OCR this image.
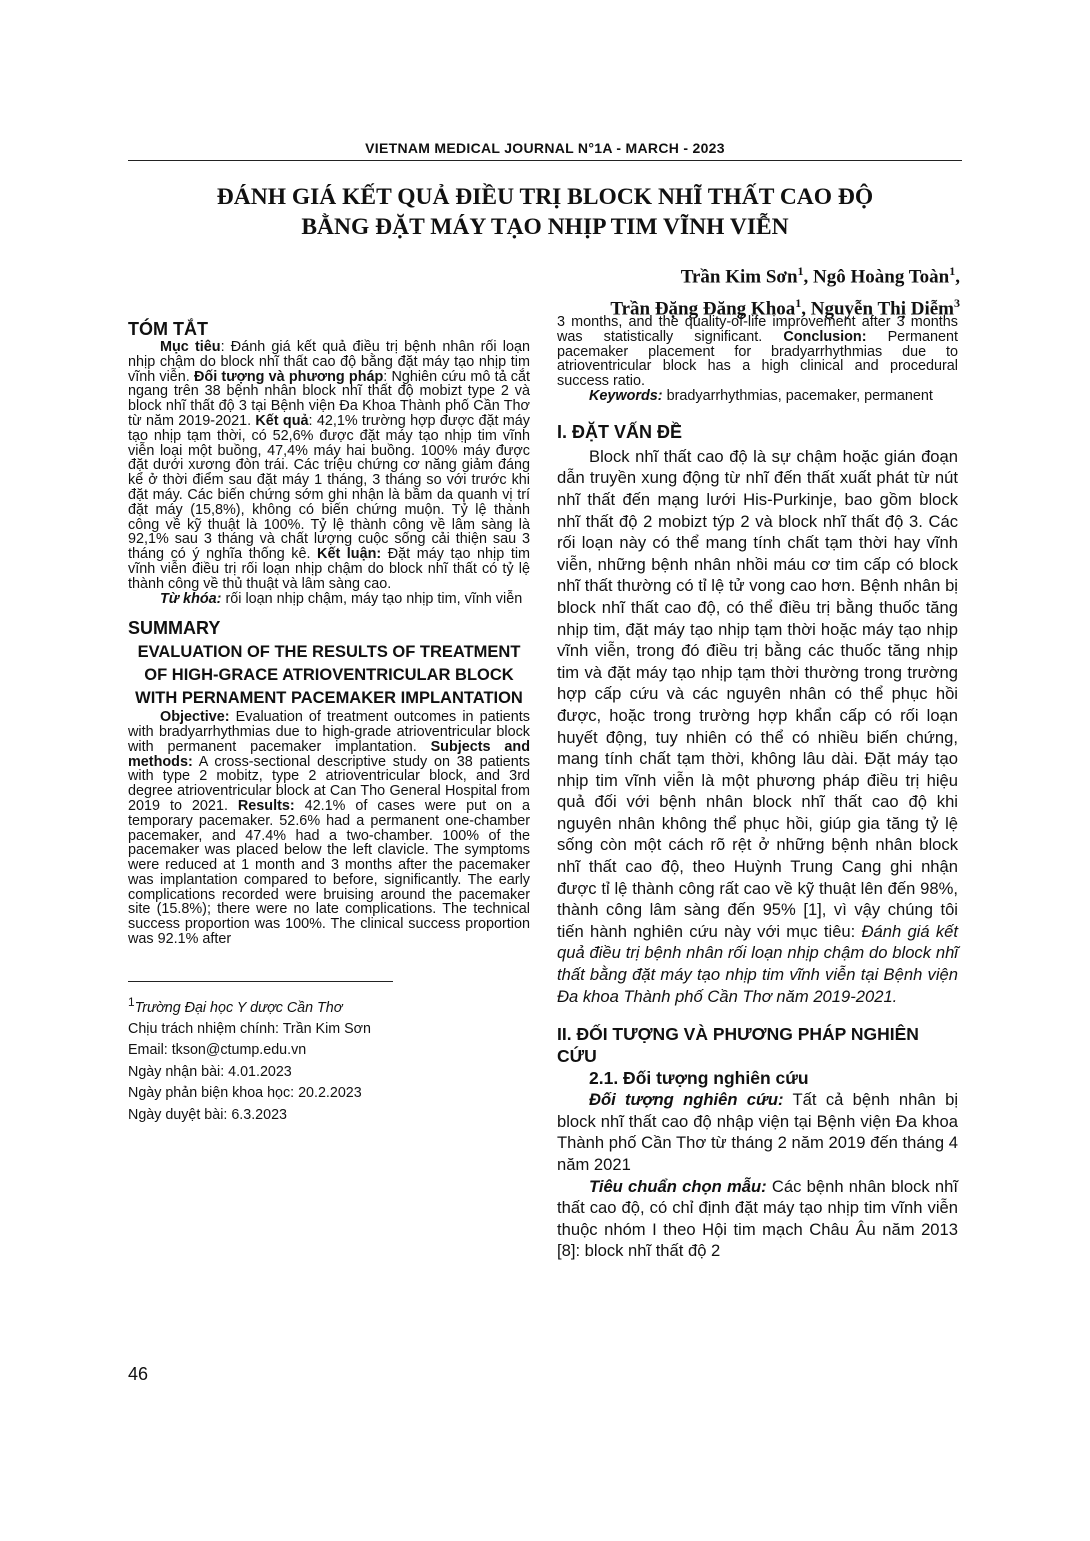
VIETNAM MEDICAL JOURNAL N°1A - MARCH - 2023
ĐÁNH GIÁ KẾT QUẢ ĐIỀU TRỊ BLOCK NHĨ THẤT CAO ĐỘ
BẰNG ĐẶT MÁY TẠO NHỊP TIM VĨNH VIỄN
Trần Kim Sơn$^1$, Ngô Hoàng Toàn$^1$,
Trần Đặng Đăng Khoa$^1$, Nguyễn Thị Diễm$^3$
TÓM TẮT

Mục tiêu: Đánh giá kết quả điều trị bệnh nhân rối loạn nhịp chậm do block nhĩ thất cao độ bằng đặt máy tạo nhịp tim vĩnh viễn. Đối tượng và phương pháp: Nghiên cứu mô tả cắt ngang trên 38 bệnh nhân block nhĩ thất độ mobizt type 2 và block nhĩ thất độ 3 tại Bệnh viện Đa Khoa Thành phố Cần Thơ từ năm 2019-2021. Kết quả: 42,1% trường hợp được đặt máy tạo nhịp tạm thời, có 52,6% được đặt máy tạo nhịp tim vĩnh viễn loại một buồng, 47,4% máy hai buồng. 100% máy được đặt dưới xương đòn trái. Các triệu chứng cơ năng giảm đáng kể ở thời điểm sau đặt máy 1 tháng, 3 tháng so với trước khi đặt máy. Các biến chứng sớm ghi nhận là bầm da quanh vị trí đặt máy (15,8%), không có biến chứng muộn. Tỷ lệ thành công về kỹ thuật là 100%. Tỷ lệ thành công về lâm sàng là 92,1% sau 3 tháng và chất lượng cuộc sống cải thiện sau 3 tháng có ý nghĩa thống kê. Kết luận: Đặt máy tạo nhịp tim vĩnh viễn điều trị rối loạn nhịp chậm do block nhĩ thất có tỷ lệ thành công về thủ thuật và lâm sàng cao.

Từ khóa: rối loạn nhịp chậm, máy tạo nhịp tim, vĩnh viễn

SUMMARY
EVALUATION OF THE RESULTS OF TREATMENT OF HIGH-GRACE ATRIOVENTRICULAR BLOCK WITH PERNAMENT PACEMAKER IMPLANTATION

Objective: Evaluation of treatment outcomes in patients with bradyarrhythmias due to high-grade atrioventricular block with permanent pacemaker implantation. Subjects and methods: A cross-sectional descriptive study on 38 patients with type 2 mobitz, type 2 atrioventricular block, and 3rd degree atrioventricular block at Can Tho General Hospital from 2019 to 2021. Results: 42.1% of cases were put on a temporary pacemaker. 52.6% had a permanent one-chamber pacemaker, and 47.4% had a two-chamber. 100% of the pacemaker was placed below the left clavicle. The symptoms were reduced at 1 month and 3 months after the pacemaker was implantation compared to before, significantly. The early complications recorded were bruising around the pacemaker site (15.8%); there were no late complications. The technical success proportion was 100%. The clinical success proportion was 92.1% after

$^1$Trường Đại học Y dược Cần Thơ
Chịu trách nhiệm chính: Trần Kim Sơn
Email: tkson@ctump.edu.vn
Ngày nhận bài: 4.01.2023
Ngày phản biện khoa học: 20.2.2023
Ngày duyệt bài: 6.3.2023

3 months, and the quality-of-life improvement after 3 months was statistically significant. Conclusion: Permanent pacemaker placement for bradyarrhythmias due to atrioventricular block has a high clinical and procedural success ratio.

Keywords: bradyarrhythmias, pacemaker, permanent

I. ĐẶT VẤN ĐỀ

Block nhĩ thất cao độ là sự chậm hoặc gián đoạn dẫn truyền xung động từ nhĩ đến thất xuất phát từ nút nhĩ thất đến mạng lưới His-Purkinje, bao gồm block nhĩ thất độ 2 mobizt týp 2 và block nhĩ thất độ 3. Các rối loạn này có thể mang tính chất tạm thời hay vĩnh viễn, những bệnh nhân nhồi máu cơ tim cấp có block nhĩ thất thường có tỉ lệ tử vong cao hơn. Bệnh nhân bị block nhĩ thất cao độ, có thể điều trị bằng thuốc tăng nhịp tim, đặt máy tạo nhịp tạm thời hoặc máy tạo nhịp vĩnh viễn, trong đó điều trị bằng các thuốc tăng nhịp tim và đặt máy tạo nhịp tạm thời thường trong trường hợp cấp cứu và các nguyên nhân có thể phục hồi được, hoặc trong trường hợp khẩn cấp có rối loạn huyết động, tuy nhiên có thể có nhiều biến chứng, mang tính chất tạm thời, không lâu dài. Đặt máy tạo nhịp tim vĩnh viễn là một phương pháp điều trị hiệu quả đối với bệnh nhân block nhĩ thất cao độ khi nguyên nhân không thể phục hồi, giúp gia tăng tỷ lệ sống còn một cách rõ rệt ở những bệnh nhân block nhĩ thất cao độ, theo Huỳnh Trung Cang ghi nhận được tỉ lệ thành công rất cao về kỹ thuật lên đến 98%, thành công lâm sàng đến 95% [1], vì vậy chúng tôi tiến hành nghiên cứu này với mục tiêu: Đánh giá kết quả điều trị bệnh nhân rối loạn nhịp chậm do block nhĩ thất bằng đặt máy tạo nhịp tim vĩnh viễn tại Bệnh viện Đa khoa Thành phố Cần Thơ năm 2019-2021.

II. ĐỐI TƯỢNG VÀ PHƯƠNG PHÁP NGHIÊN CỨU
2.1. Đối tượng nghiên cứu

Đối tượng nghiên cứu: Tất cả bệnh nhân bị block nhĩ thất cao độ nhập viện tại Bệnh viện Đa khoa Thành phố Cần Thơ từ tháng 2 năm 2019 đến tháng 4 năm 2021

Tiêu chuẩn chọn mẫu: Các bệnh nhân block nhĩ thất cao độ, có chỉ định đặt máy tạo nhịp tim vĩnh viễn thuộc nhóm I theo Hội tim mạch Châu Âu năm 2013 [8]: block nhĩ thất độ 2

46
